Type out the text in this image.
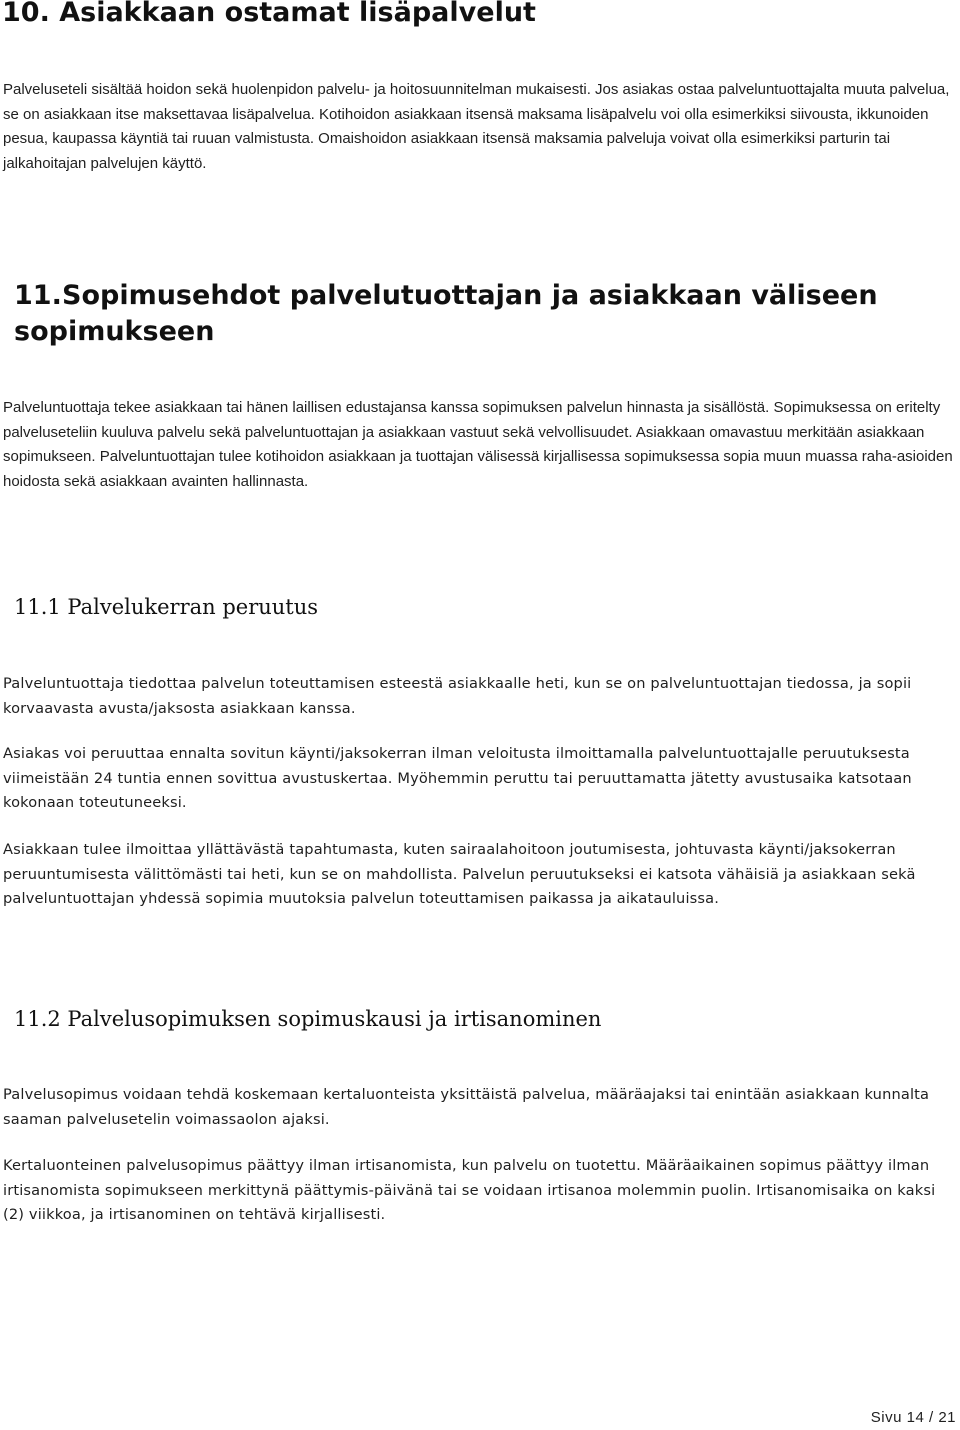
10. Asiakkaan ostamat lisäpalvelut

Palveluseteli sisältää hoidon sekä huolenpidon palvelu- ja hoitosuunnitelman mukaisesti. Jos asiakas ostaa palveluntuottajalta muuta palvelua, se on asiakkaan itse maksettavaa lisäpalvelua. Kotihoidon asiakkaan itsensä maksama lisäpalvelu voi olla esimerkiksi siivousta, ikkunoiden pesua, kaupassa käyntiä tai ruuan valmistusta. Omaishoidon asiakkaan itsensä maksamia palveluja voivat olla esimerkiksi parturin tai jalkahoitajan palvelujen käyttö.

11.Sopimusehdot palvelutuottajan ja asiakkaan väliseen sopimukseen

Palveluntuottaja tekee asiakkaan tai hänen laillisen edustajansa kanssa sopimuksen palvelun hinnasta ja sisällöstä. Sopimuksessa on eritelty palveluseteliin kuuluva palvelu sekä palveluntuottajan ja asiakkaan vastuut sekä velvollisuudet. Asiakkaan omavastuu merkitään asiakkaan sopimukseen. Palveluntuottajan tulee kotihoidon asiakkaan ja tuottajan välisessä kirjallisessa sopimuksessa sopia muun muassa raha-asioiden hoidosta sekä asiakkaan avainten hallinnasta.

11.1 Palvelukerran peruutus

Palveluntuottaja tiedottaa palvelun toteuttamisen esteestä asiakkaalle heti, kun se on palveluntuottajan tiedossa, ja sopii korvaavasta avusta/jaksosta asiakkaan kanssa.

Asiakas voi peruuttaa ennalta sovitun käynti/jaksokerran ilman veloitusta ilmoittamalla palveluntuottajalle peruutuksesta viimeistään 24 tuntia ennen sovittua avustuskertaa. Myöhemmin peruttu tai peruuttamatta jätetty avustusaika katsotaan kokonaan toteutuneeksi.

Asiakkaan tulee ilmoittaa yllättävästä tapahtumasta, kuten sairaalahoitoon joutumisesta, johtuvasta käynti/jaksokerran peruuntumisesta välittömästi tai heti, kun se on mahdollista. Palvelun peruutukseksi ei katsota vähäisiä ja asiakkaan sekä palveluntuottajan yhdessä sopimia muutoksia palvelun toteuttamisen paikassa ja aikatauluissa.

11.2 Palvelusopimuksen sopimuskausi ja irtisanominen

Palvelusopimus voidaan tehdä koskemaan kertaluonteista yksittäistä palvelua, määräajaksi tai enintään asiakkaan kunnalta saaman palvelusetelin voimassaolon ajaksi.

Kertaluonteinen palvelusopimus päättyy ilman irtisanomista, kun palvelu on tuotettu. Määräaikainen sopimus päättyy ilman irtisanomista sopimukseen merkittynä päättymis-päivänä tai se voidaan irtisanoa molemmin puolin. Irtisanomisaika on kaksi (2) viikkoa, ja irtisanominen on tehtävä kirjallisesti.

Sivu 14 / 21
